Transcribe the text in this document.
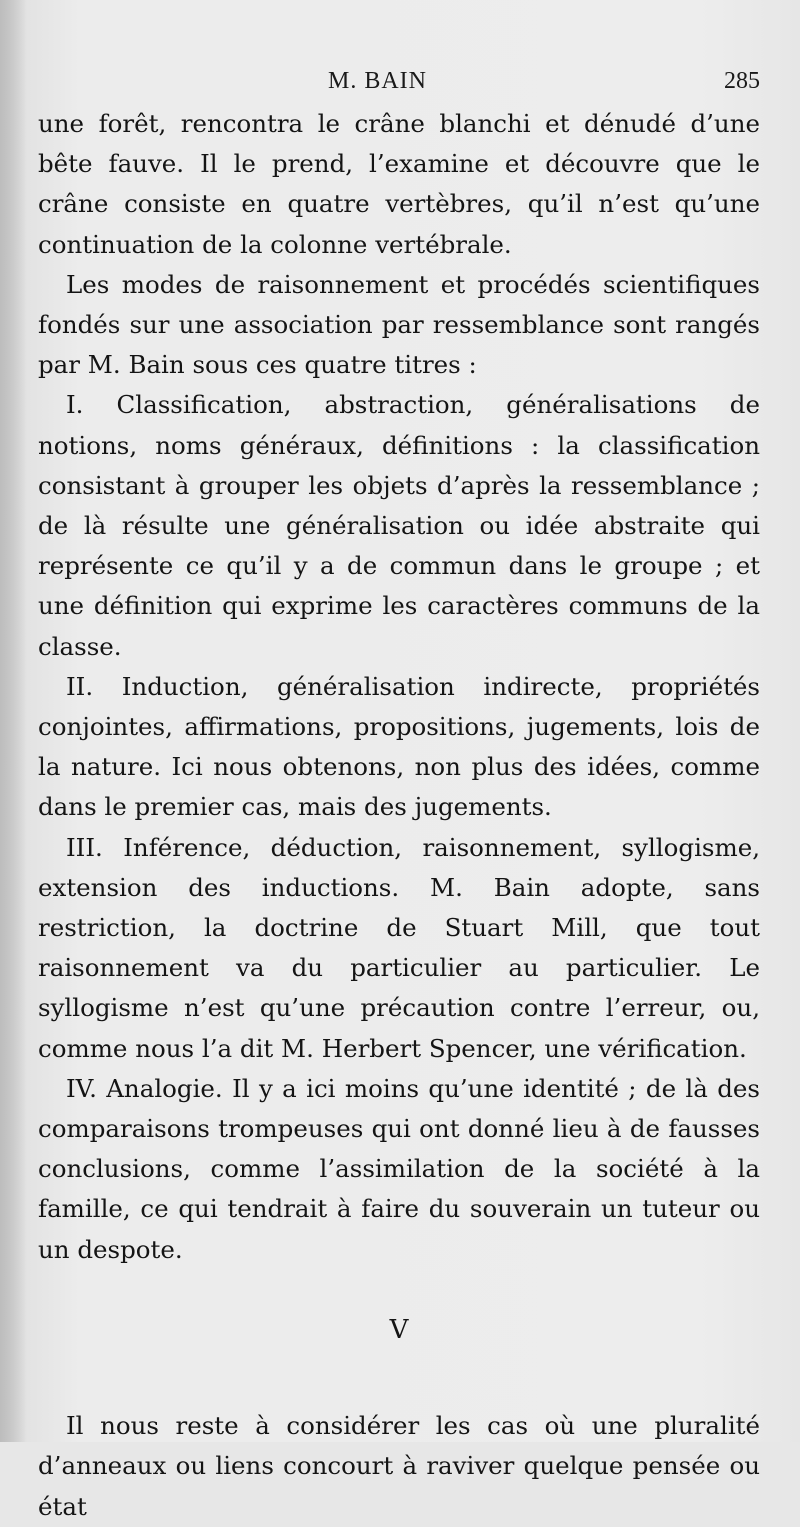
M. BAIN	285

une forêt, rencontra le crâne blanchi et dénudé d’une bête fauve. Il le prend, l’examine et découvre que le crâne consiste en quatre vertèbres, qu’il n’est qu’une continuation de la colonne vertébrale.

Les modes de raisonnement et procédés scientifiques fondés sur une association par ressemblance sont rangés par M. Bain sous ces quatre titres :

I. Classification, abstraction, généralisations de notions, noms généraux, définitions : la classification consistant à grouper les objets d’après la ressemblance ; de là résulte une généralisation ou idée abstraite qui représente ce qu’il y a de commun dans le groupe ; et une définition qui exprime les caractères communs de la classe.

II. Induction, généralisation indirecte, propriétés conjointes, affirmations, propositions, jugements, lois de la nature. Ici nous obtenons, non plus des idées, comme dans le premier cas, mais des jugements.

III. Inférence, déduction, raisonnement, syllogisme, extension des inductions. M. Bain adopte, sans restriction, la doctrine de Stuart Mill, que tout raisonnement va du particulier au particulier. Le syllogisme n’est qu’une précaution contre l’erreur, ou, comme nous l’a dit M. Herbert Spencer, une vérification.

IV. Analogie. Il y a ici moins qu’une identité ; de là des comparaisons trompeuses qui ont donné lieu à de fausses conclusions, comme l’assimilation de la société à la famille, ce qui tendrait à faire du souverain un tuteur ou un despote.

V

Il nous reste à considérer les cas où une pluralité d’anneaux ou liens concourt à raviver quelque pensée ou état
